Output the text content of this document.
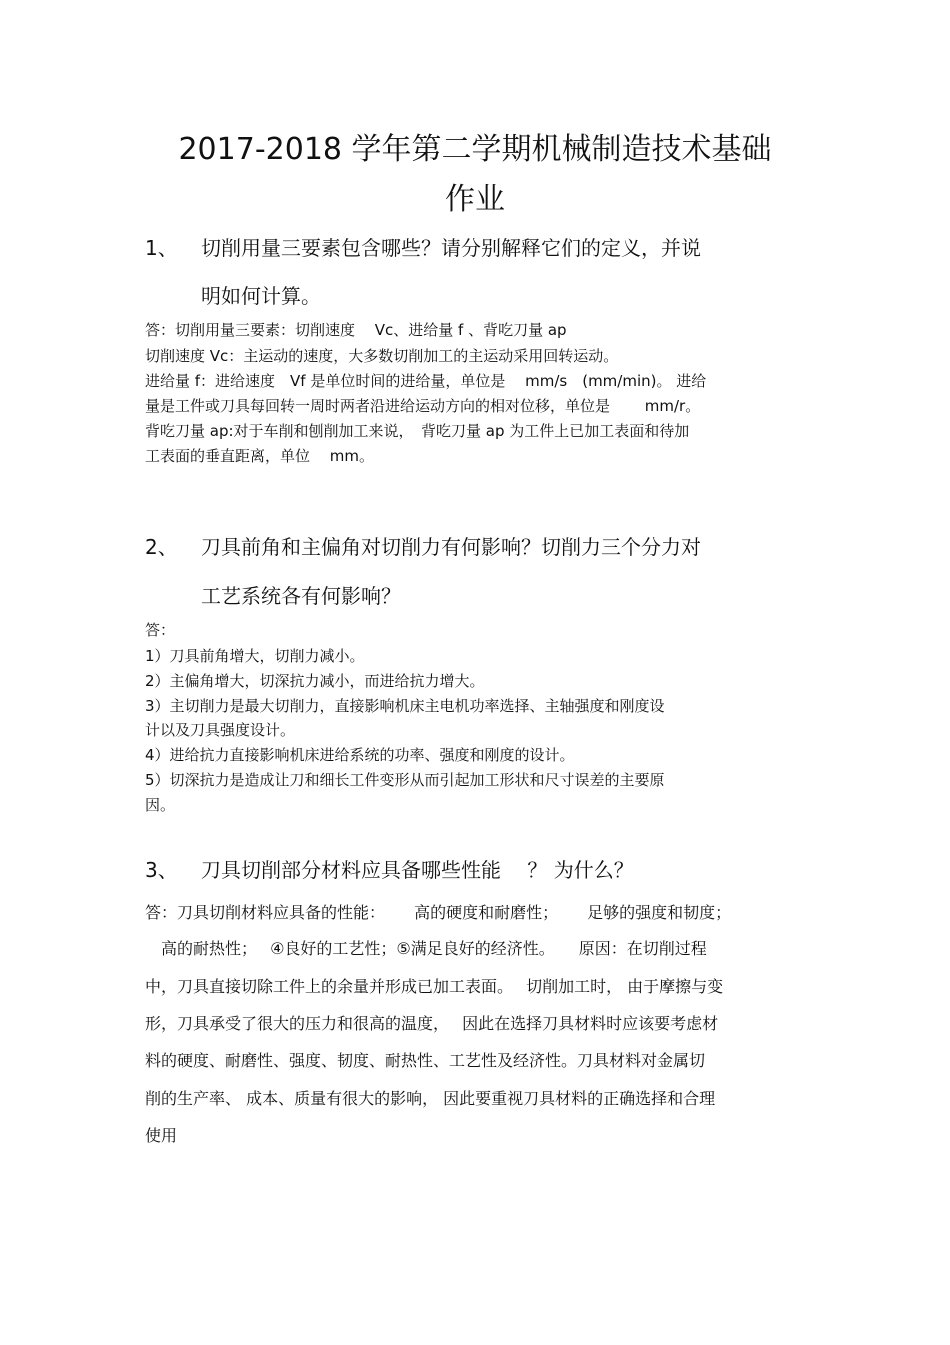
2017-2018 学年第二学期机械制造技术基础
作业
1、 切削用量三要素包含哪些？请分别解释它们的定义，并说
明如何计算。
答：切削用量三要素：切削速度　 Vc、进给量 f 、背吃刀量 ap
切削速度 Vc：主运动的速度，大多数切削加工的主运动采用回转运动。
进给量 f：进给速度　Vf 是单位时间的进给量，单位是　 mm/s　(mm/min)。 进给
量是工件或刀具每回转一周时两者沿进给运动方向的相对位移，单位是　　 mm/r。
背吃刀量 ap:对于车削和刨削加工来说，　背吃刀量 ap 为工件上已加工表面和待加
工表面的垂直距离，单位　 mm。
2、 刀具前角和主偏角对切削力有何影响？切削力三个分力对
工艺系统各有何影响？
答：
1）刀具前角增大，切削力减小。
2）主偏角增大，切深抗力减小，而进给抗力增大。
3）主切削力是最大切削力，直接影响机床主电机功率选择、主轴强度和刚度设
计以及刀具强度设计。
4）进给抗力直接影响机床进给系统的功率、强度和刚度的设计。
5）切深抗力是造成让刀和细长工件变形从而引起加工形状和尺寸误差的主要原
因。
3、 刀具切削部分材料应具备哪些性能　 ？ 为什么？
答：刀具切削材料应具备的性能：　　 高的硬度和耐磨性；　　 足够的强度和韧度；
　高的耐热性；　 ④良好的工艺性；⑤满足良好的经济性。　　原因：在切削过程
中，刀具直接切除工件上的余量并形成已加工表面。　 切削加工时， 由于摩擦与变
形，刀具承受了很大的压力和很高的温度，　 因此在选择刀具材料时应该要考虑材
料的硬度、耐磨性、强度、韧度、耐热性、工艺性及经济性。刀具材料对金属切
削的生产率、 成本、质量有很大的影响， 因此要重视刀具材料的正确选择和合理
使用
